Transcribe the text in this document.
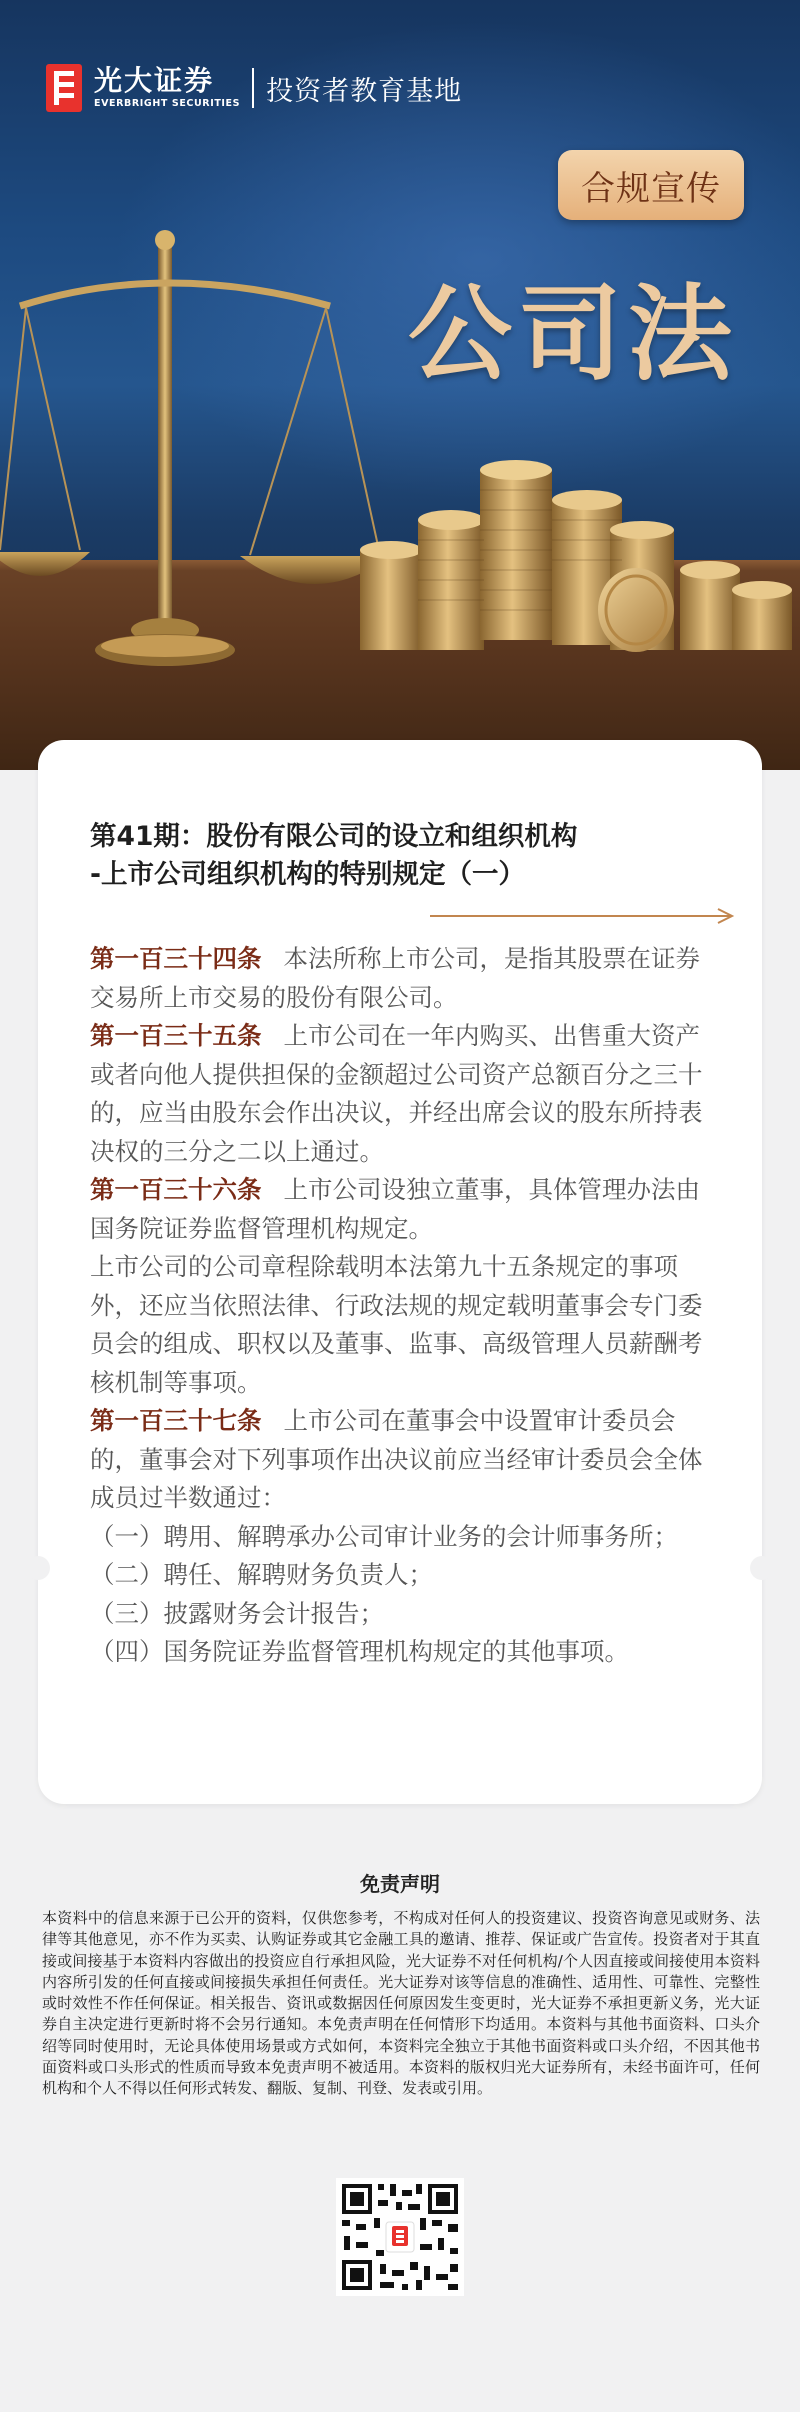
光大证券
EVERBRIGHT SECURITIES 投资者教育基地
合规宣传
公司法
第41期：股份有限公司的设立和组织机构
-上市公司组织机构的特别规定（一）

第一百三十四条 本法所称上市公司，是指其股票在证券交易所上市交易的股份有限公司。

第一百三十五条 上市公司在一年内购买、出售重大资产或者向他人提供担保的金额超过公司资产总额百分之三十的，应当由股东会作出决议，并经出席会议的股东所持表决权的三分之二以上通过。

第一百三十六条 上市公司设独立董事，具体管理办法由国务院证券监督管理机构规定。

上市公司的公司章程除载明本法第九十五条规定的事项外，还应当依照法律、行政法规的规定载明董事会专门委员会的组成、职权以及董事、监事、高级管理人员薪酬考核机制等事项。

第一百三十七条 上市公司在董事会中设置审计委员会的，董事会对下列事项作出决议前应当经审计委员会全体成员过半数通过：

（一）聘用、解聘承办公司审计业务的会计师事务所；

（二）聘任、解聘财务负责人；

（三）披露财务会计报告；

（四）国务院证券监督管理机构规定的其他事项。

免责声明
本资料中的信息来源于已公开的资料，仅供您参考，不构成对任何人的投资建议、投资咨询意见或财务、法律等其他意见，亦不作为买卖、认购证券或其它金融工具的邀请、推荐、保证或广告宣传。投资者对于其直接或间接基于本资料内容做出的投资应自行承担风险，光大证券不对任何机构/个人因直接或间接使用本资料内容所引发的任何直接或间接损失承担任何责任。光大证券对该等信息的准确性、适用性、可靠性、完整性或时效性不作任何保证。相关报告、资讯或数据因任何原因发生变更时，光大证券不承担更新义务，光大证券自主决定进行更新时将不会另行通知。本免责声明在任何情形下均适用。本资料与其他书面资料、口头介绍等同时使用时，无论具体使用场景或方式如何，本资料完全独立于其他书面资料或口头介绍，不因其他书面资料或口头形式的性质而导致本免责声明不被适用。本资料的版权归光大证券所有，未经书面许可，任何机构和个人不得以任何形式转发、翻版、复制、刊登、发表或引用。
